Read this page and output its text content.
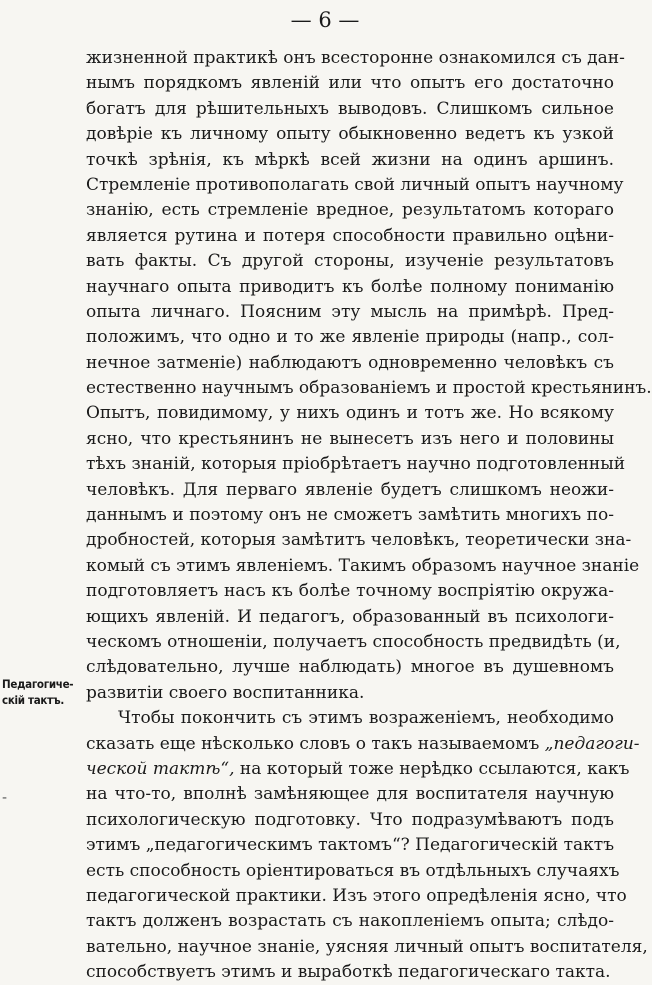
— 6 —
Педагогиче-
скій тактъ.
-
жизненной практикѣ онъ всесторонне ознакомился съ дан-
нымъ порядкомъ явленій или что опытъ его достаточно
богатъ для рѣшительныхъ выводовъ. Слишкомъ сильное
довѣріе къ личному опыту обыкновенно ведетъ къ узкой
точкѣ зрѣнія, къ мѣркѣ всей жизни на одинъ аршинъ.
Стремленіе противополагать свой личный опытъ научному
знанію, есть стремленіе вредное, результатомъ котораго
является рутина и потеря способности правильно оцѣни-
вать факты. Съ другой стороны, изученіе результатовъ
научнаго опыта приводитъ къ болѣе полному пониманію
опыта личнаго. Поясним эту мысль на примѣрѣ. Пред-
положимъ, что одно и то же явленіе природы (напр., сол-
нечное затменіе) наблюдаютъ одновременно человѣкъ съ
естественно научнымъ образованіемъ и простой крестьянинъ.
Опытъ, повидимому, у нихъ одинъ и тотъ же. Но всякому
ясно, что крестьянинъ не вынесетъ изъ него и половины
тѣхъ знаній, которыя пріобрѣтаетъ научно подготовленный
человѣкъ. Для перваго явленіе будетъ слишкомъ неожи-
даннымъ и поэтому онъ не сможетъ замѣтить многихъ по-
дробностей, которыя замѣтитъ человѣкъ, теоретически зна-
комый съ этимъ явленіемъ. Такимъ образомъ научное знаніе
подготовляетъ насъ къ болѣе точному воспріятію окружа-
ющихъ явленій. И педагогъ, образованный въ психологи-
ческомъ отношеніи, получаетъ способность предвидѣть (и,
слѣдовательно, лучше наблюдать) многое въ душевномъ
развитіи своего воспитанника.
Чтобы покончить съ этимъ возраженіемъ, необходимо
сказать еще нѣсколько словъ о такъ называемомъ „педагоги-
ческой тактѣ“, на который тоже нерѣдко ссылаются, какъ
на что-то, вполнѣ замѣняющее для воспитателя научную
психологическую подготовку. Что подразумѣваютъ подъ
этимъ „педагогическимъ тактомъ“? Педагогическій тактъ
есть способность оріентироваться въ отдѣльныхъ случаяхъ
педагогической практики. Изъ этого опредѣленія ясно, что
тактъ долженъ возрастать съ накопленіемъ опыта; слѣдо-
вательно, научное знаніе, уясняя личный опытъ воспитателя,
способствуетъ этимъ и выработкѣ педагогическаго такта.
